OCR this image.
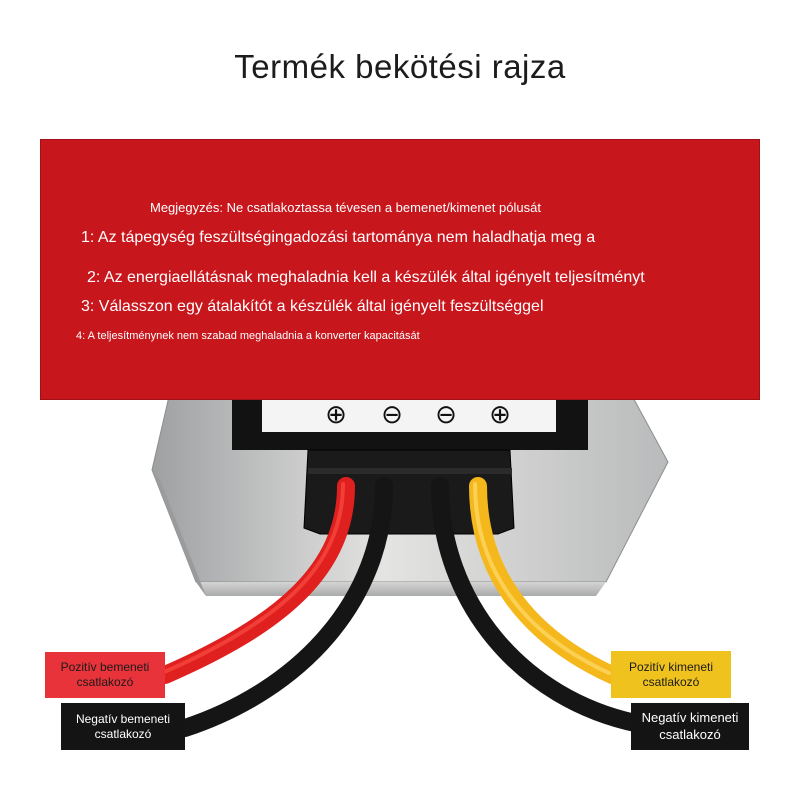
Termék bekötési rajza
⊕ ⊖ ⊖ ⊕
Megjegyzés: Ne csatlakoztassa tévesen a bemenet/kimenet pólusát
1: Az tápegység feszültségingadozási tartománya nem haladhatja meg a
2: Az energiaellátásnak meghaladnia kell a készülék által igényelt teljesítményt
3: Válasszon egy átalakítót a készülék által igényelt feszültséggel
4: A teljesítménynek nem szabad meghaladnia a konverter kapacitását
Pozitív bemeneti csatlakozó
Negatív bemeneti csatlakozó
Pozitív kimeneti csatlakozó
Negatív kimeneti csatlakozó
